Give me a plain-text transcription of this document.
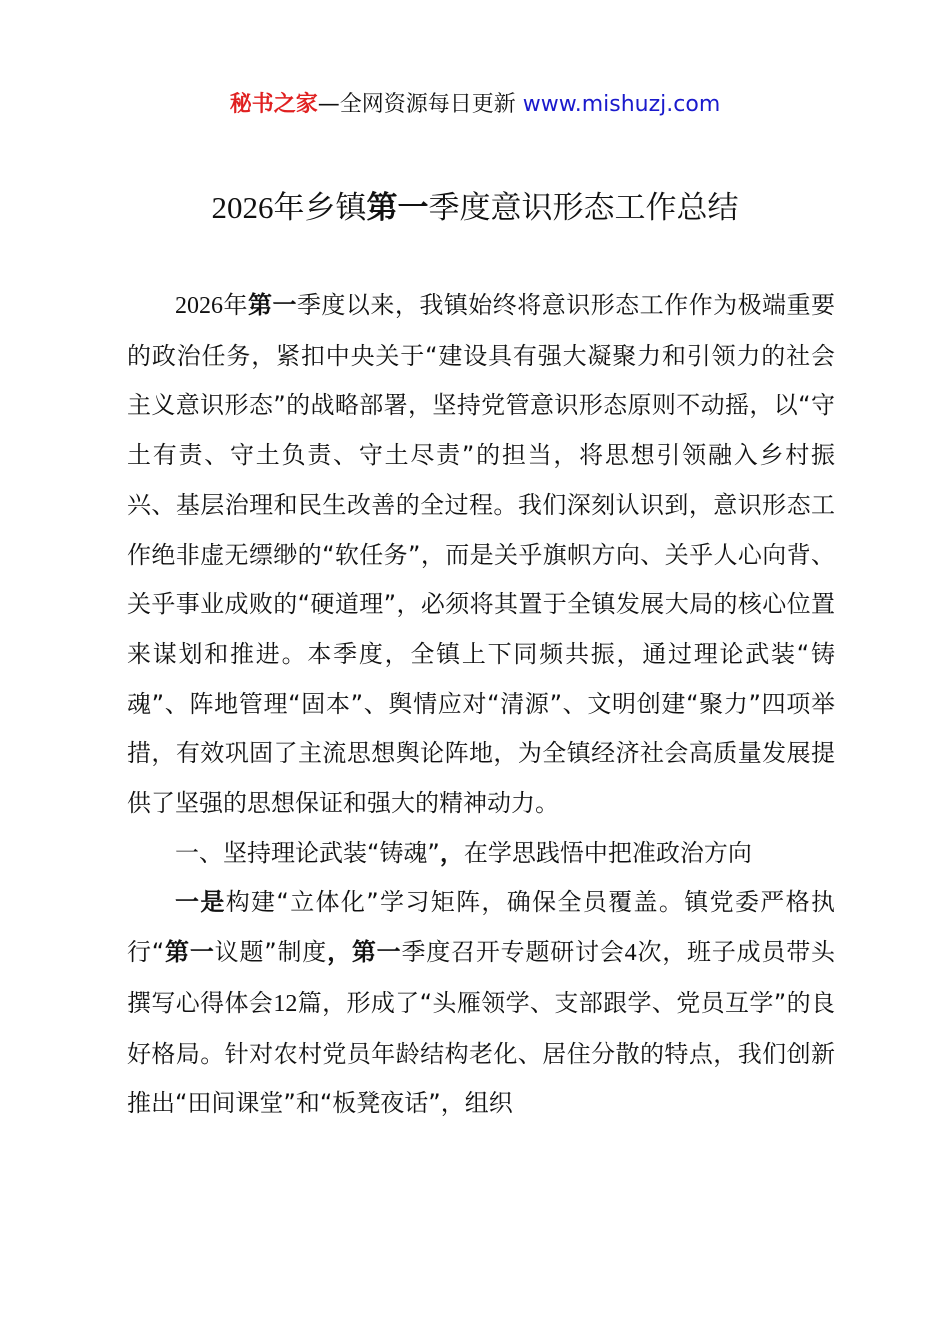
秘书之家—全网资源每日更新 www.mishuzj.com
2026年乡镇第一季度意识形态工作总结

2026年第一季度以来，我镇始终将意识形态工作作为极端重要的政治任务，紧扣中央关于“建设具有强大凝聚力和引领力的社会主义意识形态”的战略部署，坚持党管意识形态原则不动摇，以“守土有责、守土负责、守土尽责”的担当，将思想引领融入乡村振兴、基层治理和民生改善的全过程。我们深刻认识到，意识形态工作绝非虚无缥缈的“软任务”，而是关乎旗帜方向、关乎人心向背、关乎事业成败的“硬道理”，必须将其置于全镇发展大局的核心位置来谋划和推进。本季度，全镇上下同频共振，通过理论武装“铸魂”、阵地管理“固本”、舆情应对“清源”、文明创建“聚力”四项举措，有效巩固了主流思想舆论阵地，为全镇经济社会高质量发展提供了坚强的思想保证和强大的精神动力。

一、坚持理论武装“铸魂”，在学思践悟中把准政治方向

一是构建“立体化”学习矩阵，确保全员覆盖。镇党委严格执行“第一议题”制度，第一季度召开专题研讨会4次，班子成员带头撰写心得体会12篇，形成了“头雁领学、支部跟学、党员互学”的良好格局。针对农村党员年龄结构老化、居住分散的特点，我们创新推出“田间课堂”和“板凳夜话”，组织
